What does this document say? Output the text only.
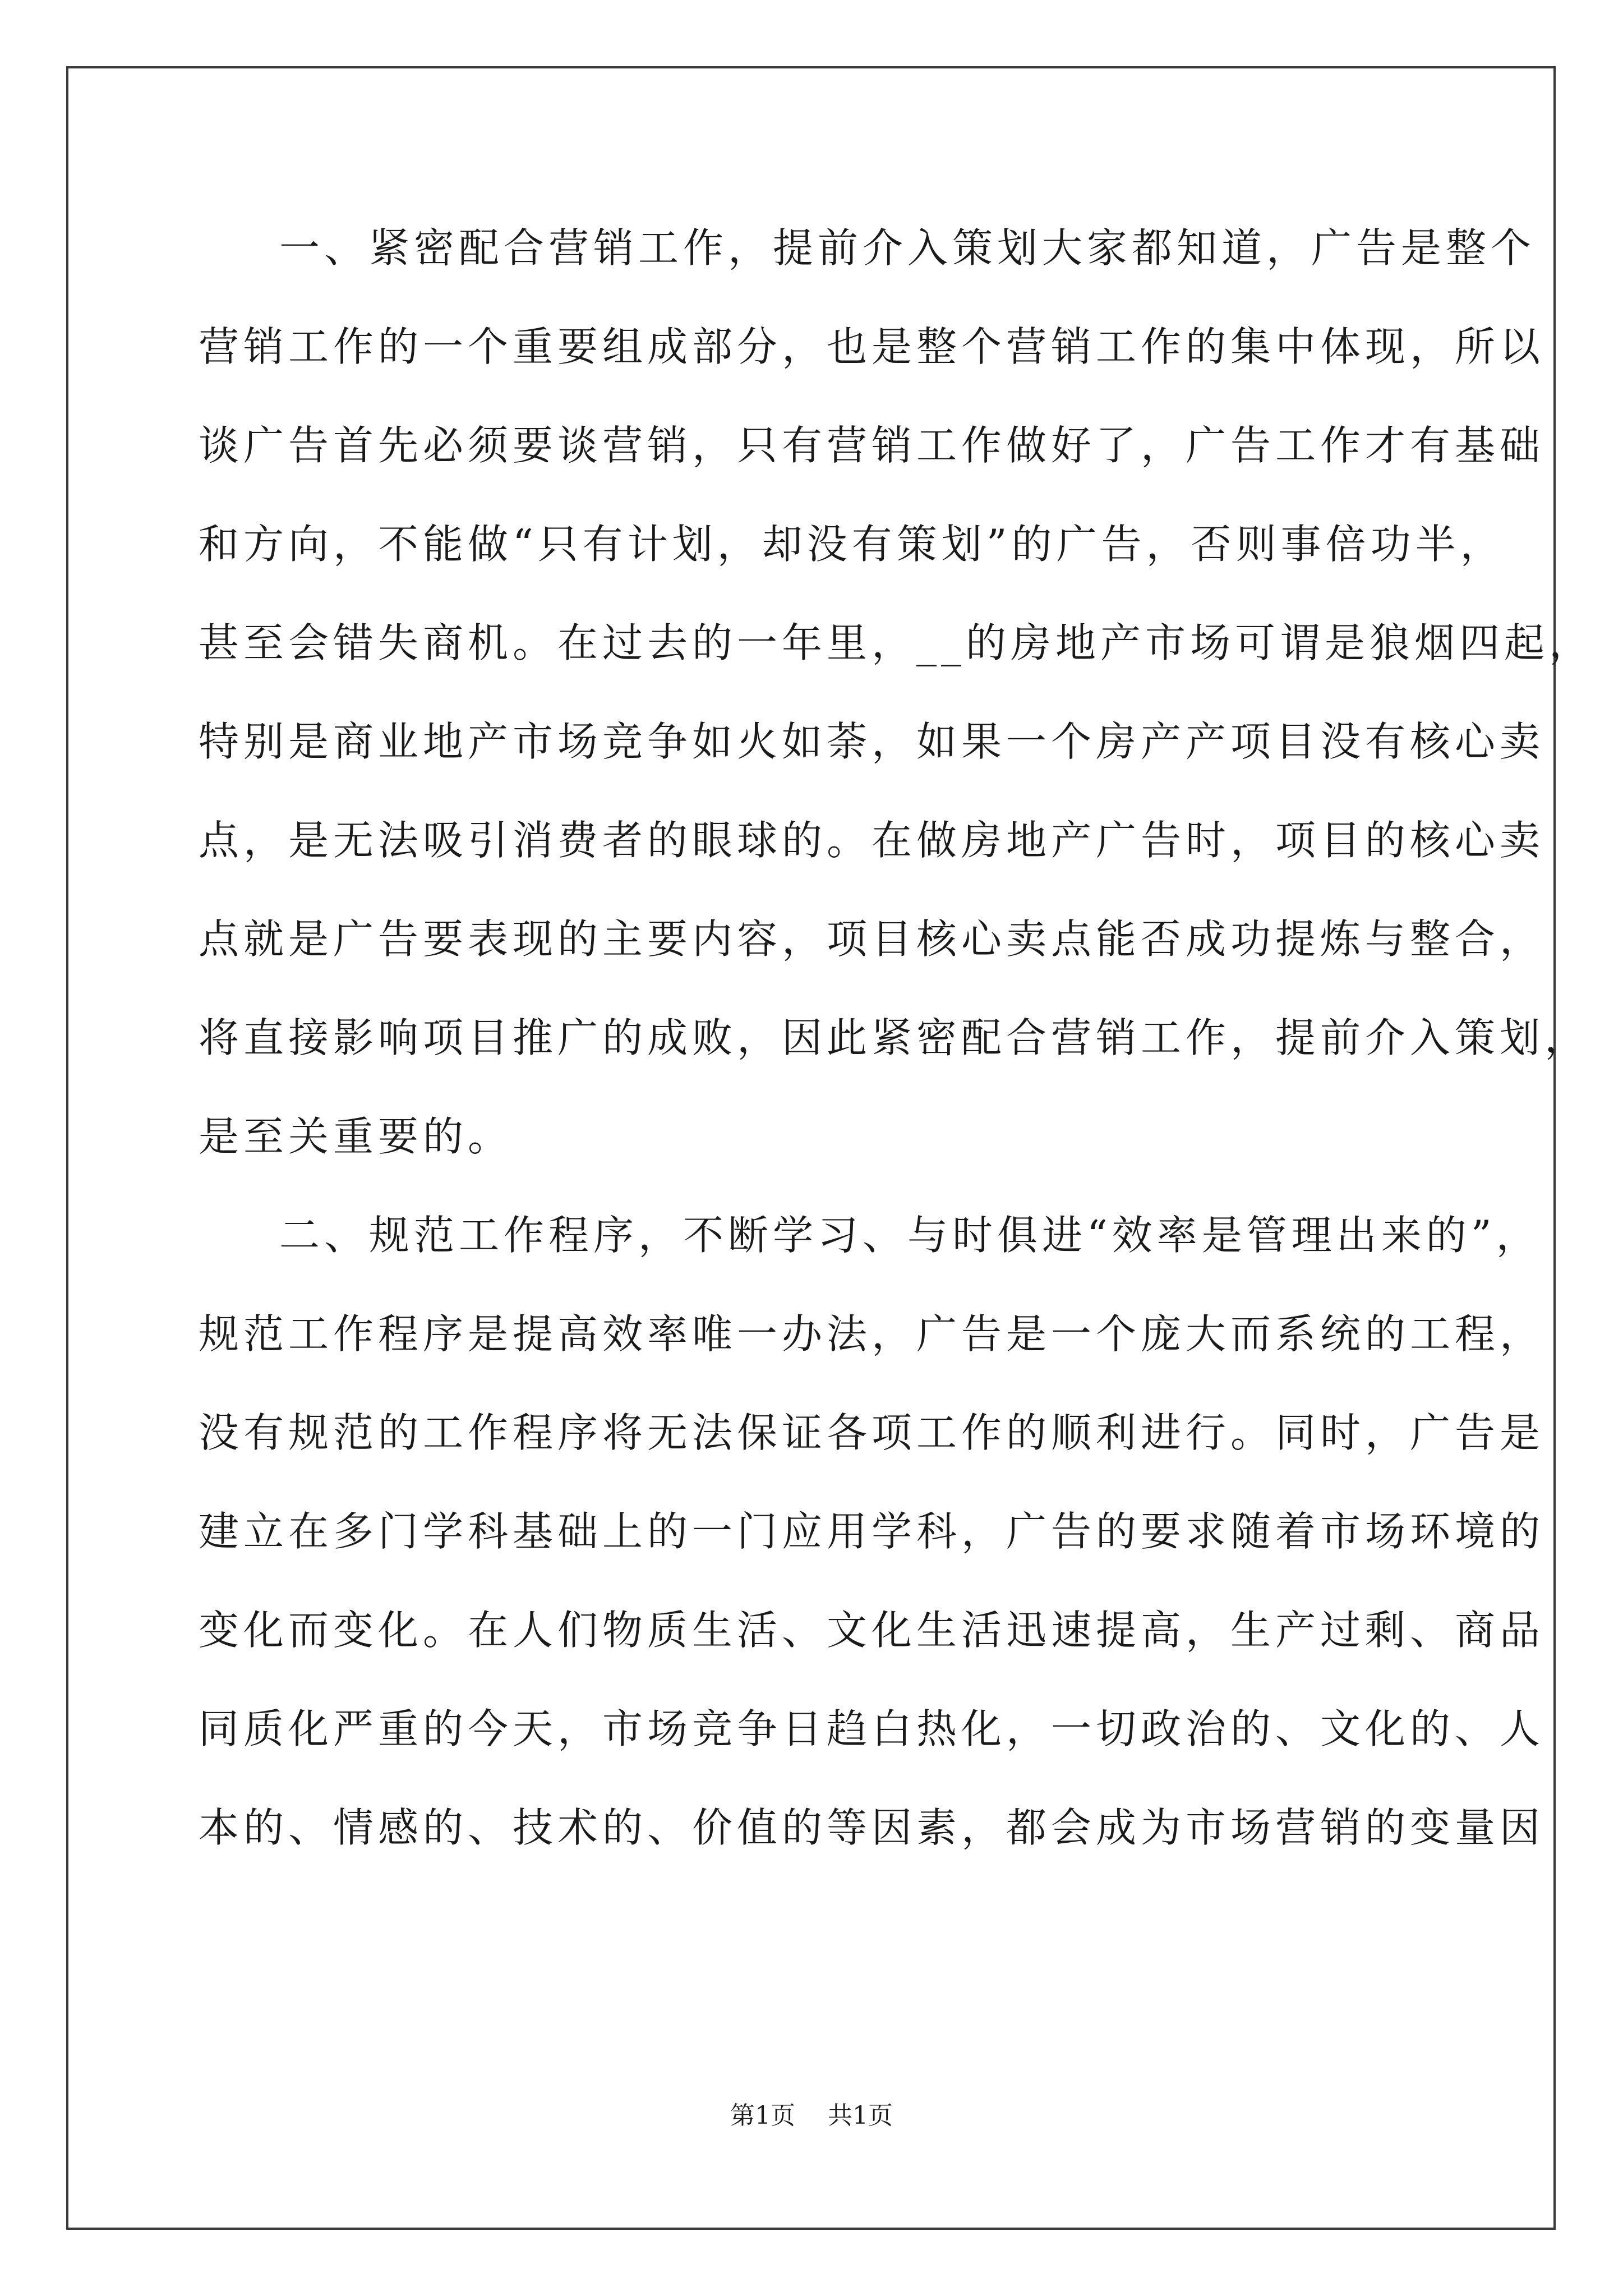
一、紧密配合营销工作，提前介入策划大家都知道，广告是整个
营销工作的一个重要组成部分，也是整个营销工作的集中体现，所以
谈广告首先必须要谈营销，只有营销工作做好了，广告工作才有基础
和方向，不能做“只有计划，却没有策划”的广告，否则事倍功半，
甚至会错失商机。在过去的一年里，__的房地产市场可谓是狼烟四起，
特别是商业地产市场竞争如火如荼，如果一个房产产项目没有核心卖
点，是无法吸引消费者的眼球的。在做房地产广告时，项目的核心卖
点就是广告要表现的主要内容，项目核心卖点能否成功提炼与整合，
将直接影响项目推广的成败，因此紧密配合营销工作，提前介入策划，
是至关重要的。
二、规范工作程序，不断学习、与时俱进“效率是管理出来的”，
规范工作程序是提高效率唯一办法，广告是一个庞大而系统的工程，
没有规范的工作程序将无法保证各项工作的顺利进行。同时，广告是
建立在多门学科基础上的一门应用学科，广告的要求随着市场环境的
变化而变化。在人们物质生活、文化生活迅速提高，生产过剩、商品
同质化严重的今天，市场竞争日趋白热化，一切政治的、文化的、人
本的、情感的、技术的、价值的等因素，都会成为市场营销的变量因
第1页 共1页
